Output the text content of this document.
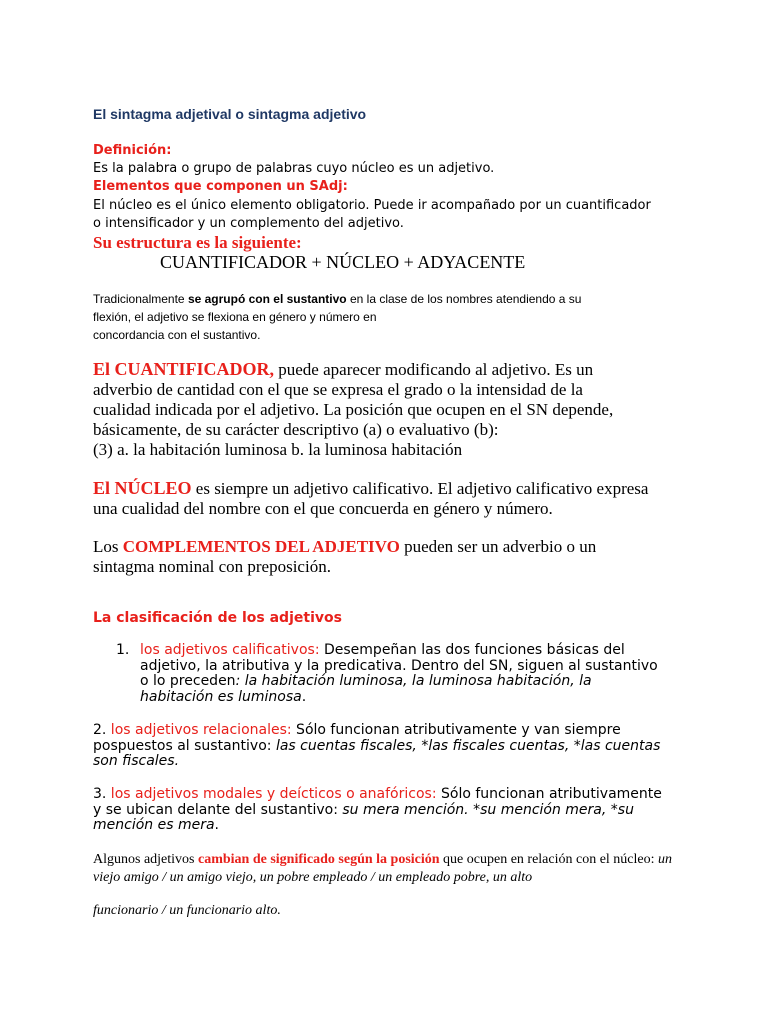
El sintagma adjetival o sintagma adjetivo
Definición:
Es la palabra o grupo de palabras cuyo núcleo es un adjetivo.
Elementos que componen un SAdj:
El núcleo es el único elemento obligatorio. Puede ir acompañado por un cuantificador
o intensificador y un complemento del adjetivo.
Su estructura es la siguiente:
CUANTIFICADOR + NÚCLEO + ADYACENTE
Tradicionalmente se agrupó con el sustantivo en la clase de los nombres atendiendo a su
flexión, el adjetivo se flexiona en género y número en
concordancia con el sustantivo.
El CUANTIFICADOR, puede aparecer modificando al adjetivo. Es un adverbio de cantidad con el que se expresa el grado o la intensidad de la cualidad indicada por el adjetivo. La posición que ocupen en el SN depende, básicamente, de su carácter descriptivo (a) o evaluativo (b):
(3) a. la habitación luminosa b. la luminosa habitación
El NÚCLEO es siempre un adjetivo calificativo. El adjetivo calificativo expresa una cualidad del nombre con el que concuerda en género y número.
Los COMPLEMENTOS DEL ADJETIVO pueden ser un adverbio o un sintagma nominal con preposición.
La clasificación de los adjetivos
1. los adjetivos calificativos: Desempeñan las dos funciones básicas del adjetivo, la atributiva y la predicativa. Dentro del SN, siguen al sustantivo o lo preceden: la habitación luminosa, la luminosa habitación, la habitación es luminosa.
2. los adjetivos relacionales: Sólo funcionan atributivamente y van siempre pospuestos al sustantivo: las cuentas fiscales, *las fiscales cuentas, *las cuentas son fiscales.
3. los adjetivos modales y deícticos o anafóricos: Sólo funcionan atributivamente y se ubican delante del sustantivo: su mera mención. *su mención mera, *su mención es mera.
Algunos adjetivos cambian de significado según la posición que ocupen en relación con el núcleo: un viejo amigo / un amigo viejo, un pobre empleado / un empleado pobre, un alto
funcionario / un funcionario alto.
